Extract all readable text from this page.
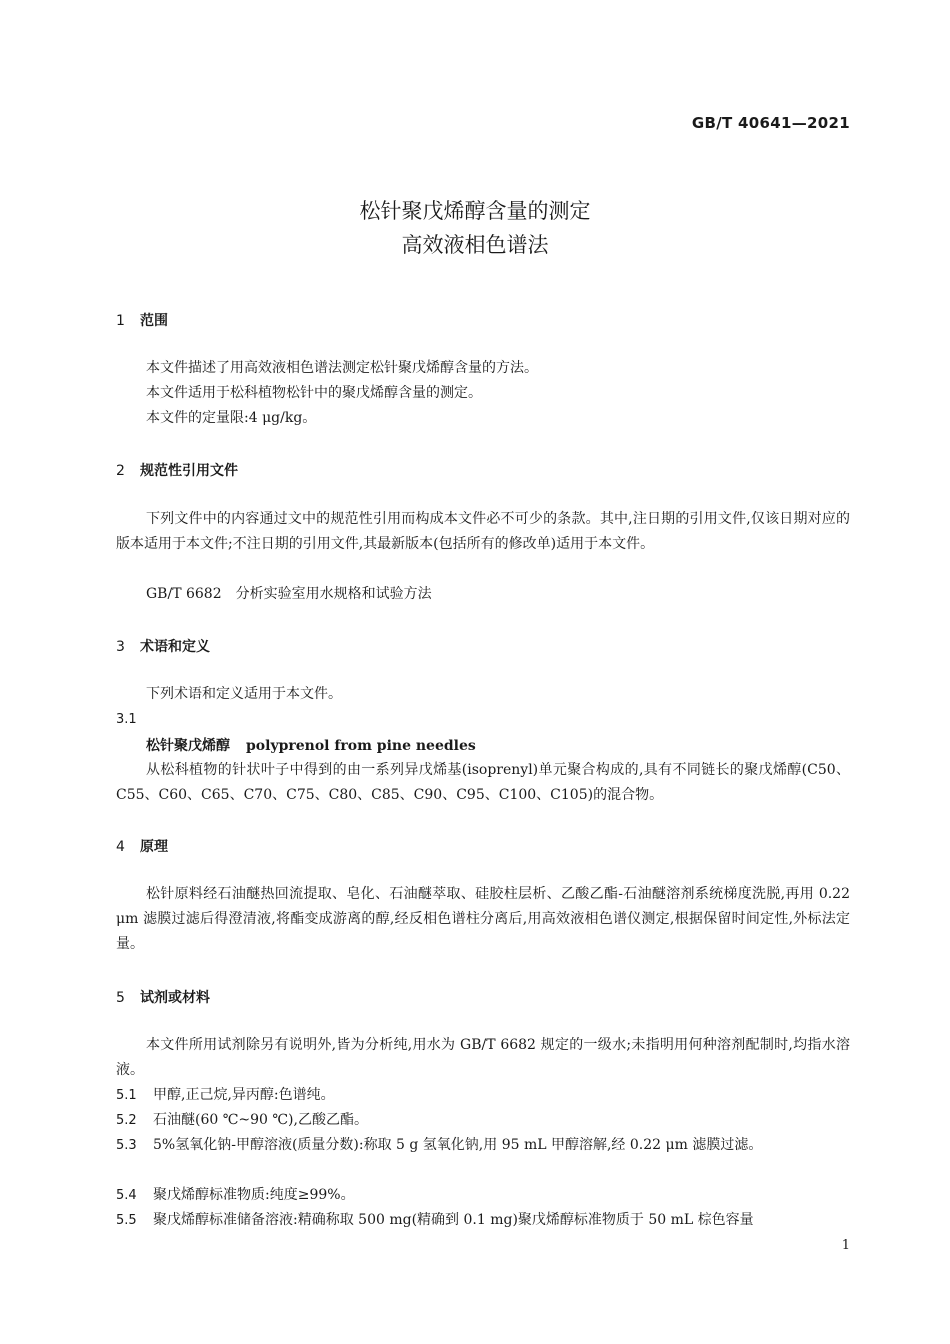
GB/T 40641—2021
松针聚戊烯醇含量的测定
高效液相色谱法
1 范围
本文件描述了用高效液相色谱法测定松针聚戊烯醇含量的方法。
本文件适用于松科植物松针中的聚戊烯醇含量的测定。
本文件的定量限:4 μg/kg。
2 规范性引用文件
下列文件中的内容通过文中的规范性引用而构成本文件必不可少的条款。其中,注日期的引用文件,仅该日期对应的版本适用于本文件;不注日期的引用文件,其最新版本(包括所有的修改单)适用于本文件。
GB/T 6682　分析实验室用水规格和试验方法
3 术语和定义
下列术语和定义适用于本文件。
3.1
松针聚戊烯醇 polyprenol from pine needles
从松科植物的针状叶子中得到的由一系列异戊烯基(isoprenyl)单元聚合构成的,具有不同链长的聚戊烯醇(C50、C55、C60、C65、C70、C75、C80、C85、C90、C95、C100、C105)的混合物。
4 原理
松针原料经石油醚热回流提取、皂化、石油醚萃取、硅胶柱层析、乙酸乙酯-石油醚溶剂系统梯度洗脱,再用 0.22 μm 滤膜过滤后得澄清液,将酯变成游离的醇,经反相色谱柱分离后,用高效液相色谱仪测定,根据保留时间定性,外标法定量。
5 试剂或材料
本文件所用试剂除另有说明外,皆为分析纯,用水为 GB/T 6682 规定的一级水;未指明用何种溶剂配制时,均指水溶液。
5.1 甲醇,正己烷,异丙醇:色谱纯。
5.2 石油醚(60 ℃~90 ℃),乙酸乙酯。
5.3 5%氢氧化钠-甲醇溶液(质量分数):称取 5 g 氢氧化钠,用 95 mL 甲醇溶解,经 0.22 μm 滤膜过滤。
5.4 聚戊烯醇标准物质:纯度≥99%。
5.5 聚戊烯醇标准储备溶液:精确称取 500 mg(精确到 0.1 mg)聚戊烯醇标准物质于 50 mL 棕色容量
1
